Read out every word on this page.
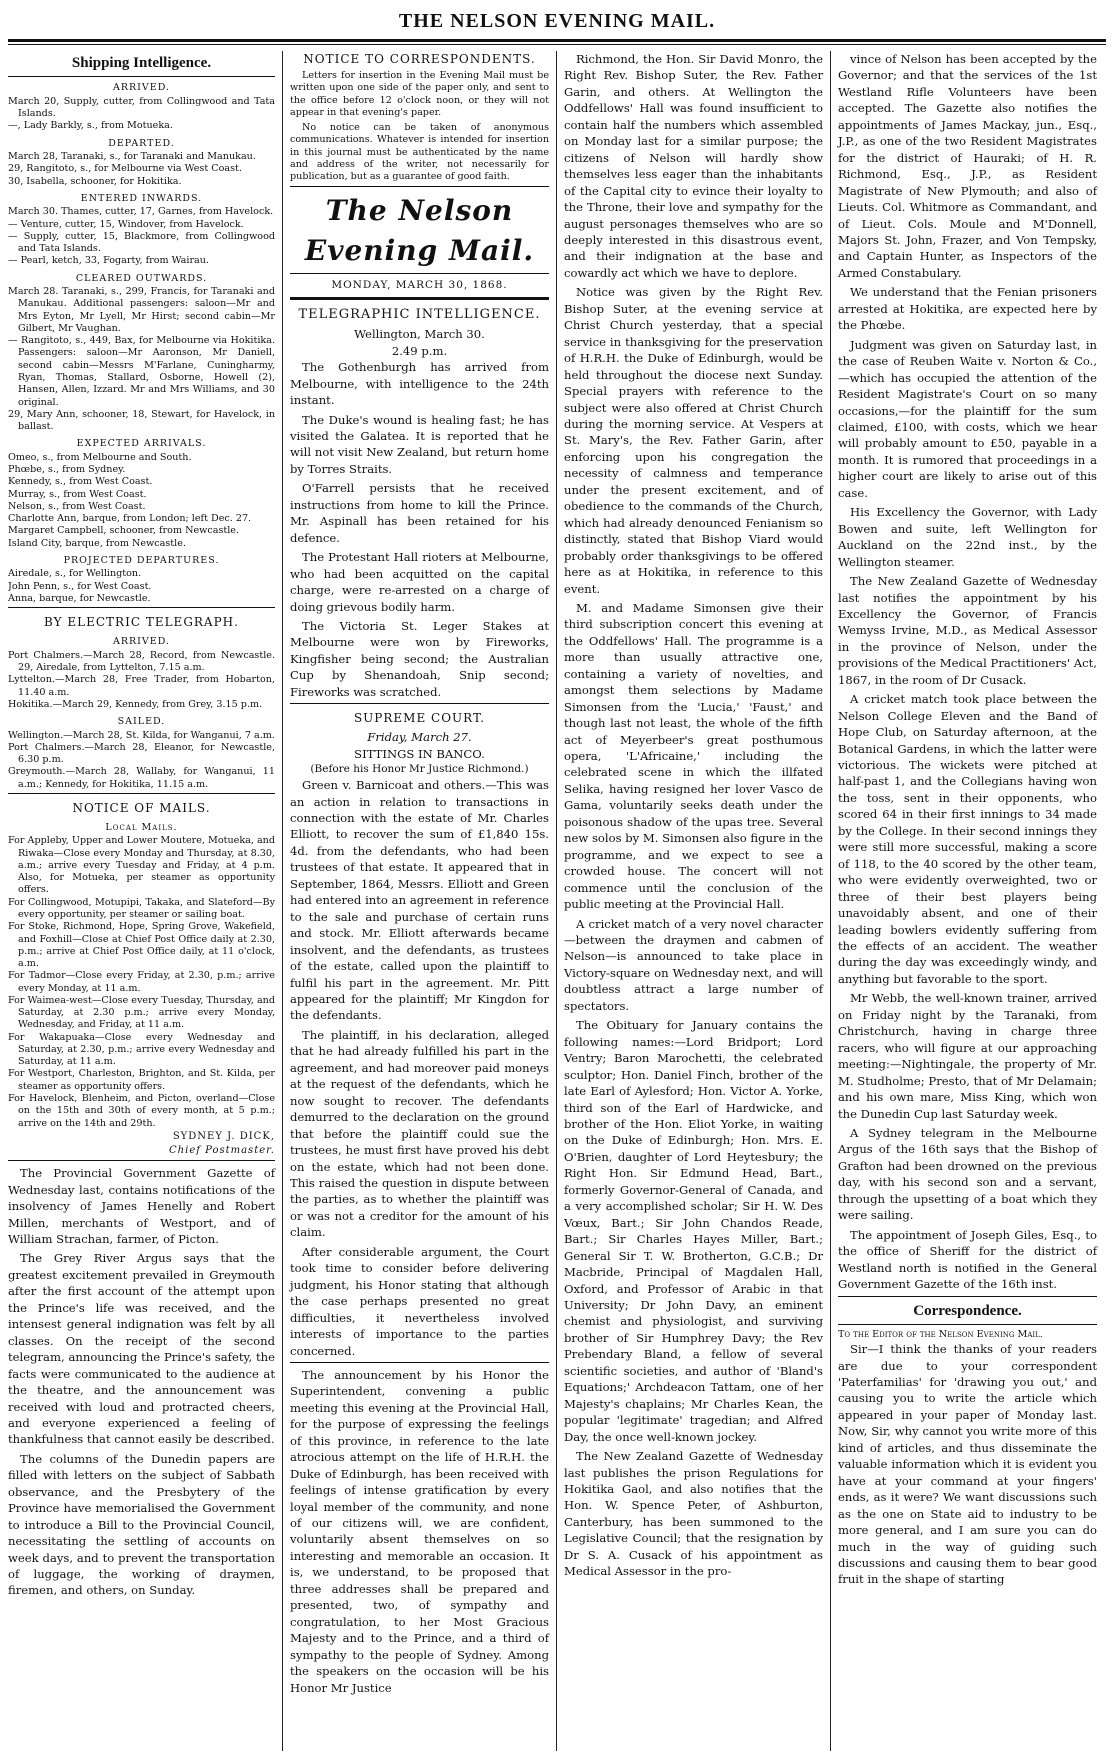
THE NELSON EVENING MAIL.
Shipping Intelligence.
ARRIVED.
March 20, Supply, cutter, from Collingwood and Tata Islands.
—, Lady Barkly, s., from Motueka.
DEPARTED.
March 28, Taranaki, s., for Taranaki and Manukau.
29, Rangitoto, s., for Melbourne via West Coast.
30, Isabella, schooner, for Hokitika.
ENTERED INWARDS.
March 30. Thames, cutter, 17, Garnes, from Havelock.
— Venture, cutter, 15, Windover, from Havelock.
— Supply, cutter, 15, Blackmore, from Collingwood and Tata Islands.
— Pearl, ketch, 33, Fogarty, from Wairau.
CLEARED OUTWARDS.
March 28. Taranaki, s., 299, Francis, for Taranaki and Manukau. Additional passengers: saloon—Mr and Mrs Eyton, Mr Lyell, Mr Hirst; second cabin—Mr Gilbert, Mr Vaughan.
— Rangitoto, s., 449, Bax, for Melbourne via Hokitika. Passengers: saloon—Mr Aaronson, Mr Daniell, second cabin—Messrs M'Farlane, Cuningharmy, Ryan, Thomas, Stallard, Osborne, Howell (2), Hansen, Allen, Izzard. Mr and Mrs Williams, and 30 original.
29, Mary Ann, schooner, 18, Stewart, for Havelock, in ballast.
EXPECTED ARRIVALS.
Omeo, s., from Melbourne and South.
Phœbe, s., from Sydney.
Kennedy, s., from West Coast.
Murray, s., from West Coast.
Nelson, s., from West Coast.
Charlotte Ann, barque, from London; left Dec. 27.
Margaret Campbell, schooner, from Newcastle.
Island City, barque, from Newcastle.
PROJECTED DEPARTURES.
Airedale, s., for Wellington.
John Penn, s., for West Coast.
Anna, barque, for Newcastle.
BY ELECTRIC TELEGRAPH.
ARRIVED.
Port Chalmers.—March 28, Record, from Newcastle. 29, Airedale, from Lyttelton, 7.15 a.m.
Lyttelton.—March 28, Free Trader, from Hobarton, 11.40 a.m.
Hokitika.—March 29, Kennedy, from Grey, 3.15 p.m.
SAILED.
Wellington.—March 28, St. Kilda, for Wanganui, 7 a.m.
Port Chalmers.—March 28, Eleanor, for Newcastle, 6.30 p.m.
Greymouth.—March 28, Wallaby, for Wanganui, 11 a.m.; Kennedy, for Hokitika, 11.15 a.m.
NOTICE OF MAILS.
Local Mails.
For Appleby, Upper and Lower Moutere, Motueka, and Riwaka—Close every Monday and Thursday, at 8.30, a.m.; arrive every Tuesday and Friday, at 4 p.m. Also, for Motueka, per steamer as opportunity offers.
For Collingwood, Motupipi, Takaka, and Slateford—By every opportunity, per steamer or sailing boat.
For Stoke, Richmond, Hope, Spring Grove, Wakefield, and Foxhill—Close at Chief Post Office daily at 2.30, p.m.; arrive at Chief Post Office daily, at 11 o'clock, a.m.
For Tadmor—Close every Friday, at 2.30, p.m.; arrive every Monday, at 11 a.m.
For Waimea-west—Close every Tuesday, Thursday, and Saturday, at 2.30 p.m.; arrive every Monday, Wednesday, and Friday, at 11 a.m.
For Wakapuaka—Close every Wednesday and Saturday, at 2.30, p.m.; arrive every Wednesday and Saturday, at 11 a.m.
For Westport, Charleston, Brighton, and St. Kilda, per steamer as opportunity offers.
For Havelock, Blenheim, and Picton, overland—Close on the 15th and 30th of every month, at 5 p.m.; arrive on the 14th and 29th.
SYDNEY J. DICK,
Chief Postmaster.
The Provincial Government Gazette of Wednesday last, contains notifications of the insolvency of James Henelly and Robert Millen, merchants of Westport, and of William Strachan, farmer, of Picton.
The Grey River Argus says that the greatest excitement prevailed in Greymouth after the first account of the attempt upon the Prince's life was received, and the intensest general indignation was felt by all classes. On the receipt of the second telegram, announcing the Prince's safety, the facts were communicated to the audience at the theatre, and the announcement was received with loud and protracted cheers, and everyone experienced a feeling of thankfulness that cannot easily be described.
The columns of the Dunedin papers are filled with letters on the subject of Sabbath observance, and the Presbytery of the Province have memorialised the Government to introduce a Bill to the Provincial Council, necessitating the settling of accounts on week days, and to prevent the transportation of luggage, the working of draymen, firemen, and others, on Sunday.
NOTICE TO CORRESPONDENTS.
Letters for insertion in the Evening Mail must be written upon one side of the paper only, and sent to the office before 12 o'clock noon, or they will not appear in that evening's paper.
No notice can be taken of anonymous communications. Whatever is intended for insertion in this journal must be authenticated by the name and address of the writer, not necessarily for publication, but as a guarantee of good faith.
The Nelson Evening Mail.
MONDAY, MARCH 30, 1868.
TELEGRAPHIC INTELLIGENCE.
Wellington, March 30.
2.49 p.m.
The Gothenburgh has arrived from Melbourne, with intelligence to the 24th instant.
The Duke's wound is healing fast; he has visited the Galatea. It is reported that he will not visit New Zealand, but return home by Torres Straits.
O'Farrell persists that he received instructions from home to kill the Prince. Mr. Aspinall has been retained for his defence.
The Protestant Hall rioters at Melbourne, who had been acquitted on the capital charge, were re-arrested on a charge of doing grievous bodily harm.
The Victoria St. Leger Stakes at Melbourne were won by Fireworks, Kingfisher being second; the Australian Cup by Shenandoah, Snip second; Fireworks was scratched.
SUPREME COURT.
Friday, March 27.
SITTINGS IN BANCO.
(Before his Honor Mr Justice Richmond.)
Green v. Barnicoat and others.—This was an action in relation to transactions in connection with the estate of Mr. Charles Elliott, to recover the sum of £1,840 15s. 4d. from the defendants, who had been trustees of that estate. It appeared that in September, 1864, Messrs. Elliott and Green had entered into an agreement in reference to the sale and purchase of certain runs and stock. Mr. Elliott afterwards became insolvent, and the defendants, as trustees of the estate, called upon the plaintiff to fulfil his part in the agreement. Mr. Pitt appeared for the plaintiff; Mr Kingdon for the defendants.
The plaintiff, in his declaration, alleged that he had already fulfilled his part in the agreement, and had moreover paid moneys at the request of the defendants, which he now sought to recover. The defendants demurred to the declaration on the ground that before the plaintiff could sue the trustees, he must first have proved his debt on the estate, which had not been done. This raised the question in dispute between the parties, as to whether the plaintiff was or was not a creditor for the amount of his claim.
After considerable argument, the Court took time to consider before delivering judgment, his Honor stating that although the case perhaps presented no great difficulties, it nevertheless involved interests of importance to the parties concerned.
The announcement by his Honor the Superintendent, convening a public meeting this evening at the Provincial Hall, for the purpose of expressing the feelings of this province, in reference to the late atrocious attempt on the life of H.R.H. the Duke of Edinburgh, has been received with feelings of intense gratification by every loyal member of the community, and none of our citizens will, we are confident, voluntarily absent themselves on so interesting and memorable an occasion. It is, we understand, to be proposed that three addresses shall be prepared and presented, two, of sympathy and congratulation, to her Most Gracious Majesty and to the Prince, and a third of sympathy to the people of Sydney. Among the speakers on the occasion will be his Honor Mr Justice
Richmond, the Hon. Sir David Monro, the Right Rev. Bishop Suter, the Rev. Father Garin, and others. At Wellington the Oddfellows' Hall was found insufficient to contain half the numbers which assembled on Monday last for a similar purpose; the citizens of Nelson will hardly show themselves less eager than the inhabitants of the Capital city to evince their loyalty to the Throne, their love and sympathy for the august personages themselves who are so deeply interested in this disastrous event, and their indignation at the base and cowardly act which we have to deplore.
Notice was given by the Right Rev. Bishop Suter, at the evening service at Christ Church yesterday, that a special service in thanksgiving for the preservation of H.R.H. the Duke of Edinburgh, would be held throughout the diocese next Sunday. Special prayers with reference to the subject were also offered at Christ Church during the morning service. At Vespers at St. Mary's, the Rev. Father Garin, after enforcing upon his congregation the necessity of calmness and temperance under the present excitement, and of obedience to the commands of the Church, which had already denounced Fenianism so distinctly, stated that Bishop Viard would probably order thanksgivings to be offered here as at Hokitika, in reference to this event.
M. and Madame Simonsen give their third subscription concert this evening at the Oddfellows' Hall. The programme is a more than usually attractive one, containing a variety of novelties, and amongst them selections by Madame Simonsen from the 'Lucia,' 'Faust,' and though last not least, the whole of the fifth act of Meyerbeer's great posthumous opera, 'L'Africaine,' including the celebrated scene in which the illfated Selika, having resigned her lover Vasco de Gama, voluntarily seeks death under the poisonous shadow of the upas tree. Several new solos by M. Simonsen also figure in the programme, and we expect to see a crowded house. The concert will not commence until the conclusion of the public meeting at the Provincial Hall.
A cricket match of a very novel character—between the draymen and cabmen of Nelson—is announced to take place in Victory-square on Wednesday next, and will doubtless attract a large number of spectators.
The Obituary for January contains the following names:—Lord Bridport; Lord Ventry; Baron Marochetti, the celebrated sculptor; Hon. Daniel Finch, brother of the late Earl of Aylesford; Hon. Victor A. Yorke, third son of the Earl of Hardwicke, and brother of the Hon. Eliot Yorke, in waiting on the Duke of Edinburgh; Hon. Mrs. E. O'Brien, daughter of Lord Heytesbury; the Right Hon. Sir Edmund Head, Bart., formerly Governor-General of Canada, and a very accomplished scholar; Sir H. W. Des Vœux, Bart.; Sir John Chandos Reade, Bart.; Sir Charles Hayes Miller, Bart.; General Sir T. W. Brotherton, G.C.B.; Dr Macbride, Principal of Magdalen Hall, Oxford, and Professor of Arabic in that University; Dr John Davy, an eminent chemist and physiologist, and surviving brother of Sir Humphrey Davy; the Rev Prebendary Bland, a fellow of several scientific societies, and author of 'Bland's Equations;' Archdeacon Tattam, one of her Majesty's chaplains; Mr Charles Kean, the popular 'legitimate' tragedian; and Alfred Day, the once well-known jockey.
The New Zealand Gazette of Wednesday last publishes the prison Regulations for Hokitika Gaol, and also notifies that the Hon. W. Spence Peter, of Ashburton, Canterbury, has been summoned to the Legislative Council; that the resignation by Dr S. A. Cusack of his appointment as Medical Assessor in the pro-
vince of Nelson has been accepted by the Governor; and that the services of the 1st Westland Rifle Volunteers have been accepted. The Gazette also notifies the appointments of James Mackay, jun., Esq., J.P., as one of the two Resident Magistrates for the district of Hauraki; of H. R. Richmond, Esq., J.P., as Resident Magistrate of New Plymouth; and also of Lieuts. Col. Whitmore as Commandant, and of Lieut. Cols. Moule and M'Donnell, Majors St. John, Frazer, and Von Tempsky, and Captain Hunter, as Inspectors of the Armed Constabulary.
We understand that the Fenian prisoners arrested at Hokitika, are expected here by the Phœbe.
Judgment was given on Saturday last, in the case of Reuben Waite v. Norton & Co.,—which has occupied the attention of the Resident Magistrate's Court on so many occasions,—for the plaintiff for the sum claimed, £100, with costs, which we hear will probably amount to £50, payable in a month. It is rumored that proceedings in a higher court are likely to arise out of this case.
His Excellency the Governor, with Lady Bowen and suite, left Wellington for Auckland on the 22nd inst., by the Wellington steamer.
The New Zealand Gazette of Wednesday last notifies the appointment by his Excellency the Governor, of Francis Wemyss Irvine, M.D., as Medical Assessor in the province of Nelson, under the provisions of the Medical Practitioners' Act, 1867, in the room of Dr Cusack.
A cricket match took place between the Nelson College Eleven and the Band of Hope Club, on Saturday afternoon, at the Botanical Gardens, in which the latter were victorious. The wickets were pitched at half-past 1, and the Collegians having won the toss, sent in their opponents, who scored 64 in their first innings to 34 made by the College. In their second innings they were still more successful, making a score of 118, to the 40 scored by the other team, who were evidently overweighted, two or three of their best players being unavoidably absent, and one of their leading bowlers evidently suffering from the effects of an accident. The weather during the day was exceedingly windy, and anything but favorable to the sport.
Mr Webb, the well-known trainer, arrived on Friday night by the Taranaki, from Christchurch, having in charge three racers, who will figure at our approaching meeting:—Nightingale, the property of Mr. M. Studholme; Presto, that of Mr Delamain; and his own mare, Miss King, which won the Dunedin Cup last Saturday week.
A Sydney telegram in the Melbourne Argus of the 16th says that the Bishop of Grafton had been drowned on the previous day, with his second son and a servant, through the upsetting of a boat which they were sailing.
The appointment of Joseph Giles, Esq., to the office of Sheriff for the district of Westland north is notified in the General Government Gazette of the 16th inst.
Correspondence.
To the Editor of the Nelson Evening Mail.
Sir—I think the thanks of your readers are due to your correspondent 'Paterfamilias' for 'drawing you out,' and causing you to write the article which appeared in your paper of Monday last. Now, Sir, why cannot you write more of this kind of articles, and thus disseminate the valuable information which it is evident you have at your command at your fingers' ends, as it were? We want discussions such as the one on State aid to industry to be more general, and I am sure you can do much in the way of guiding such discussions and causing them to bear good fruit in the shape of starting
